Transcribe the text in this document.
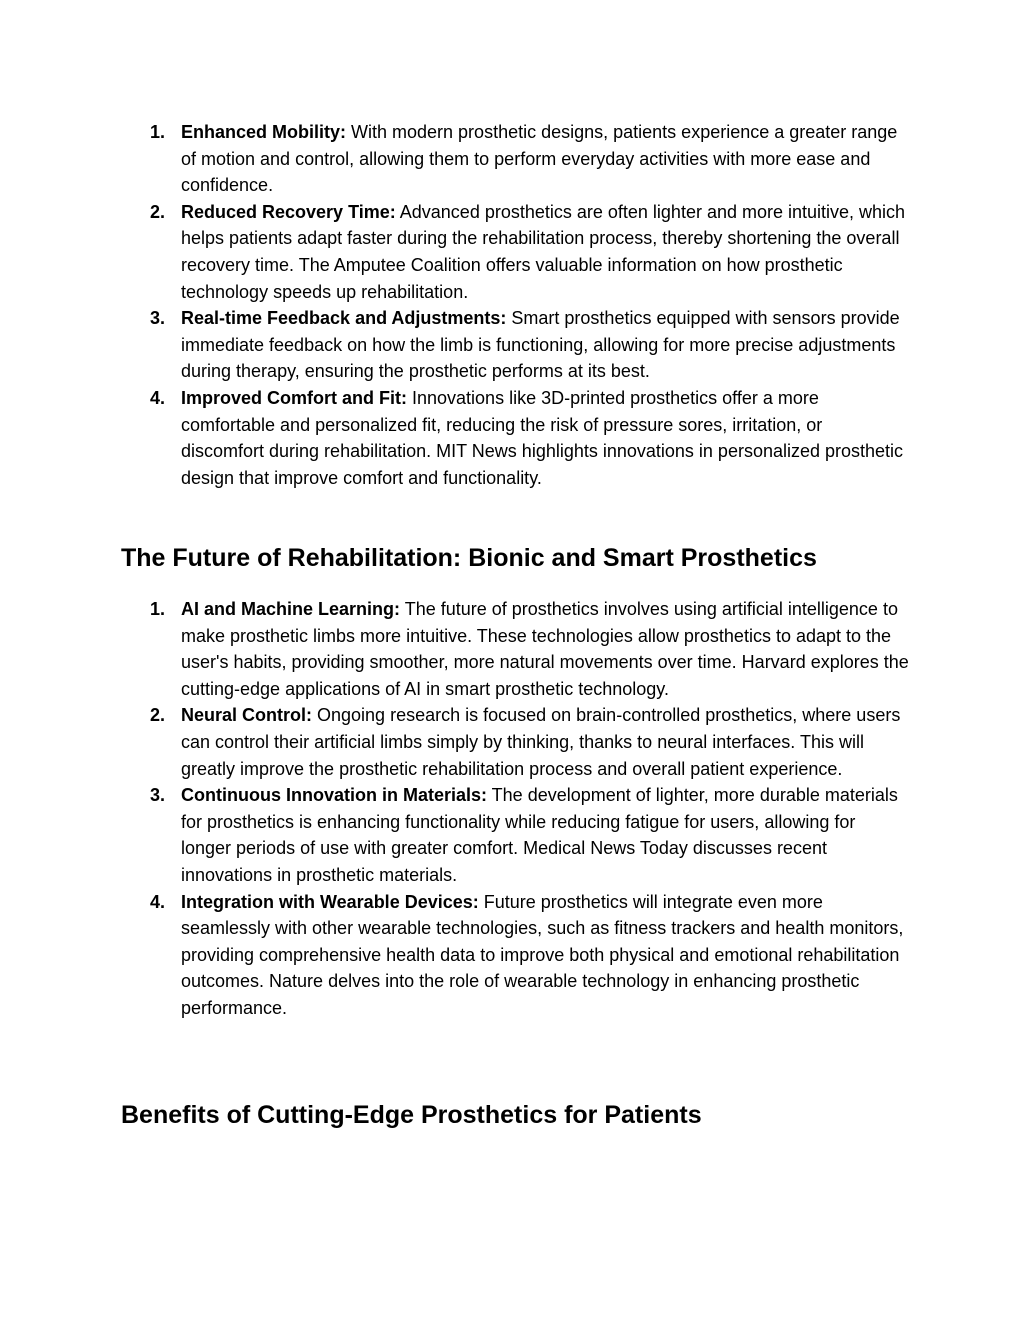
1. Enhanced Mobility: With modern prosthetic designs, patients experience a greater range of motion and control, allowing them to perform everyday activities with more ease and confidence.
2. Reduced Recovery Time: Advanced prosthetics are often lighter and more intuitive, which helps patients adapt faster during the rehabilitation process, thereby shortening the overall recovery time. The Amputee Coalition offers valuable information on how prosthetic technology speeds up rehabilitation.
3. Real-time Feedback and Adjustments: Smart prosthetics equipped with sensors provide immediate feedback on how the limb is functioning, allowing for more precise adjustments during therapy, ensuring the prosthetic performs at its best.
4. Improved Comfort and Fit: Innovations like 3D-printed prosthetics offer a more comfortable and personalized fit, reducing the risk of pressure sores, irritation, or discomfort during rehabilitation. MIT News highlights innovations in personalized prosthetic design that improve comfort and functionality.
The Future of Rehabilitation: Bionic and Smart Prosthetics
1. AI and Machine Learning: The future of prosthetics involves using artificial intelligence to make prosthetic limbs more intuitive. These technologies allow prosthetics to adapt to the user's habits, providing smoother, more natural movements over time. Harvard explores the cutting-edge applications of AI in smart prosthetic technology.
2. Neural Control: Ongoing research is focused on brain-controlled prosthetics, where users can control their artificial limbs simply by thinking, thanks to neural interfaces. This will greatly improve the prosthetic rehabilitation process and overall patient experience.
3. Continuous Innovation in Materials: The development of lighter, more durable materials for prosthetics is enhancing functionality while reducing fatigue for users, allowing for longer periods of use with greater comfort. Medical News Today discusses recent innovations in prosthetic materials.
4. Integration with Wearable Devices: Future prosthetics will integrate even more seamlessly with other wearable technologies, such as fitness trackers and health monitors, providing comprehensive health data to improve both physical and emotional rehabilitation outcomes. Nature delves into the role of wearable technology in enhancing prosthetic performance.
Benefits of Cutting-Edge Prosthetics for Patients
